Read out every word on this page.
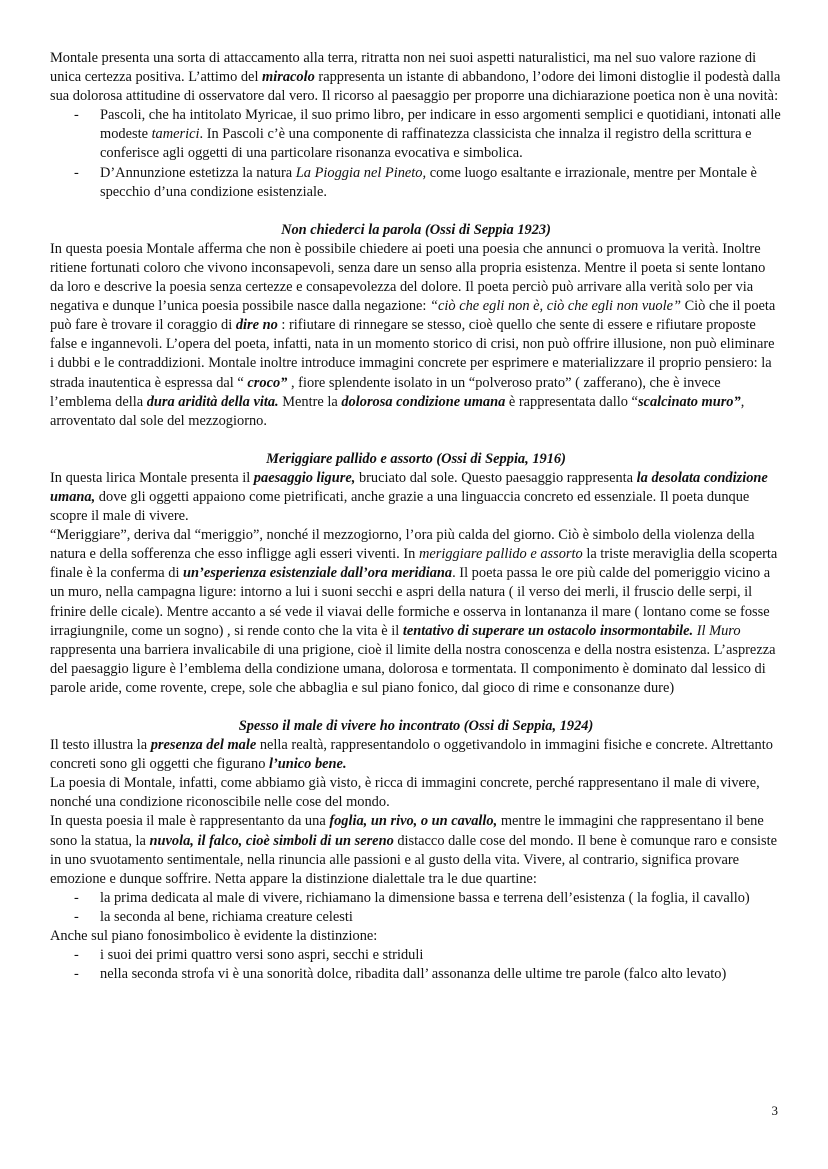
Montale presenta una sorta di attaccamento alla terra, ritratta non nei suoi aspetti naturalistici, ma nel suo valore razione di unica certezza positiva. L’attimo del miracolo rappresenta un istante di abbandono, l’odore dei limoni distoglie il podestà dalla sua dolorosa attitudine di osservatore dal vero. Il ricorso al paesaggio per proporre una dichiarazione poetica non è una novità:

- Pascoli, che ha intitolato Myricae, il suo primo libro, per indicare in esso argomenti semplici e quotidiani, intonati alle modeste tamerici. In Pascoli c’è una componente di raffinatezza classicista che innalza il registro della scrittura e conferisce agli oggetti di una particolare risonanza evocativa e simbolica.
- D’Annunzione estetizza la natura La Pioggia nel Pineto, come luogo esaltante e irrazionale, mentre per Montale è specchio d’una condizione esistenziale.
Non chiederci la parola (Ossi di Seppia 1923)

In questa poesia Montale afferma che non è possibile chiedere ai poeti una poesia che annunci o promuova la verità. Inoltre ritiene fortunati coloro che vivono inconsapevoli, senza dare un senso alla propria esistenza. Mentre il poeta si sente lontano da loro e descrive la poesia senza certezze e consapevolezza del dolore. Il poeta perciò può arrivare alla verità solo per via negativa e dunque l’unica poesia possibile nasce dalla negazione: “ciò che egli non è, ciò che egli non vuole” Ciò che il poeta può fare è trovare il coraggio di dire no : rifiutare di rinnegare se stesso, cioè quello che sente di essere e rifiutare proposte false e ingannevoli. L’opera del poeta, infatti, nata in un momento storico di crisi, non può offrire illusione, non può eliminare i dubbi e le contraddizioni. Montale inoltre introduce immagini concrete per esprimere e materializzare il proprio pensiero: la strada inautentica è espressa dal “ croco” , fiore splendente isolato in un “polveroso prato” ( zafferano), che è invece l’emblema della dura aridità della vita. Mentre la dolorosa condizione umana è rappresentata dallo “scalcinato muro”, arroventato dal sole del mezzogiorno.

Meriggiare pallido e assorto (Ossi di Seppia, 1916)

In questa lirica Montale presenta il paesaggio ligure, bruciato dal sole. Questo paesaggio rappresenta la desolata condizione umana, dove gli oggetti appaiono come pietrificati, anche grazie a una linguaccia concreto ed essenziale. Il poeta dunque scopre il male di vivere.

“Meriggiare”, deriva dal “meriggio”, nonché il mezzogiorno, l’ora più calda del giorno. Ciò è simbolo della violenza della natura e della sofferenza che esso infligge agli esseri viventi. In meriggiare pallido e assorto la triste meraviglia della scoperta finale è la conferma di un’esperienza esistenziale dall’ora meridiana. Il poeta passa le ore più calde del pomeriggio vicino a un muro, nella campagna ligure: intorno a lui i suoni secchi e aspri della natura ( il verso dei merli, il fruscio delle serpi, il frinire delle cicale). Mentre accanto a sé vede il viavai delle formiche e osserva in lontananza il mare ( lontano come se fosse irragiungnile, come un sogno) , si rende conto che la vita è il tentativo di superare un ostacolo insormontabile. Il Muro rappresenta una barriera invalicabile di una prigione, cioè il limite della nostra conoscenza e della nostra esistenza. L’asprezza del paesaggio ligure è l’emblema della condizione umana, dolorosa e tormentata. Il componimento è dominato dal lessico di parole aride, come rovente, crepe, sole che abbaglia e sul piano fonico, dal gioco di rime e consonanze dure)

Spesso il male di vivere ho incontrato (Ossi di Seppia, 1924)

Il testo illustra la presenza del male nella realtà, rappresentandolo o oggetivandolo in immagini fisiche e concrete. Altrettanto concreti sono gli oggetti che figurano l’unico bene.

La poesia di Montale, infatti, come abbiamo già visto, è ricca di immagini concrete, perché rappresentano il male di vivere, nonché una condizione riconoscibile nelle cose del mondo.

In questa poesia il male è rappresentanto da una foglia, un rivo, o un cavallo, mentre le immagini che rappresentano il bene sono la statua, la nuvola, il falco, cioè simboli di un sereno distacco dalle cose del mondo. Il bene è comunque raro e consiste in uno svuotamento sentimentale, nella rinuncia alle passioni e al gusto della vita. Vivere, al contrario, significa provare emozione e dunque soffrire. Netta appare la distinzione dialettale tra le due quartine:

- la prima dedicata al male di vivere, richiamano la dimensione bassa e terrena dell’esistenza ( la foglia, il cavallo)
- la seconda al bene, richiama creature celesti

Anche sul piano fonosimbolico è evidente la distinzione:

- i suoi dei primi quattro versi sono aspri, secchi e striduli
- nella seconda strofa vi è una sonorità dolce, ribadita dall’ assonanza delle ultime tre parole (falco alto levato)
3
